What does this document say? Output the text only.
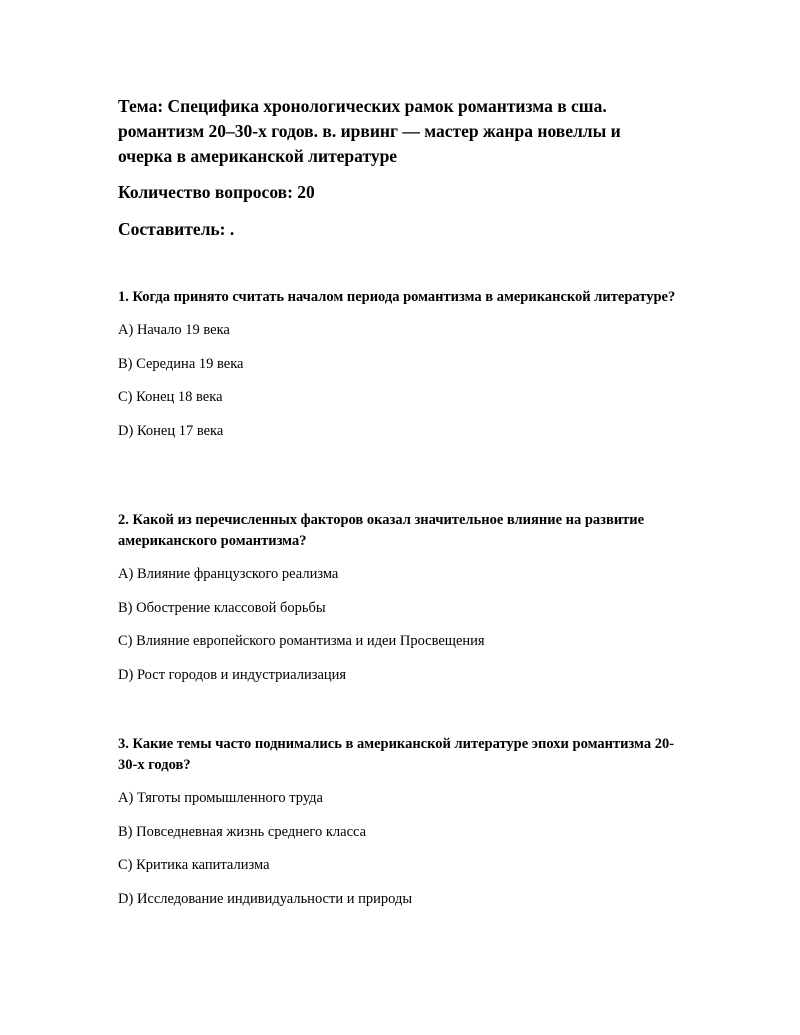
Тема: Специфика хронологических рамок романтизма в сша. романтизм 20–30-х годов. в. ирвинг — мастер жанра новеллы и очерка в американской литературе

Количество вопросов: 20

Составитель: .

1. Когда принято считать началом периода романтизма в американской литературе?

A ) Начало 19 века
B ) Середина 19 века
C ) Конец 18 века
D ) Конец 17 века

2. Какой из перечисленных факторов оказал значительное влияние на развитие американского романтизма?

A ) Влияние французского реализма
B ) Обострение классовой борьбы
C ) Влияние европейского романтизма и идеи Просвещения
D ) Рост городов и индустриализация

3. Какие темы часто поднимались в американской литературе эпохи романтизма 20-30-х годов?

A ) Тяготы промышленного труда
B ) Повседневная жизнь среднего класса
C ) Критика капитализма
D ) Исследование индивидуальности и природы
